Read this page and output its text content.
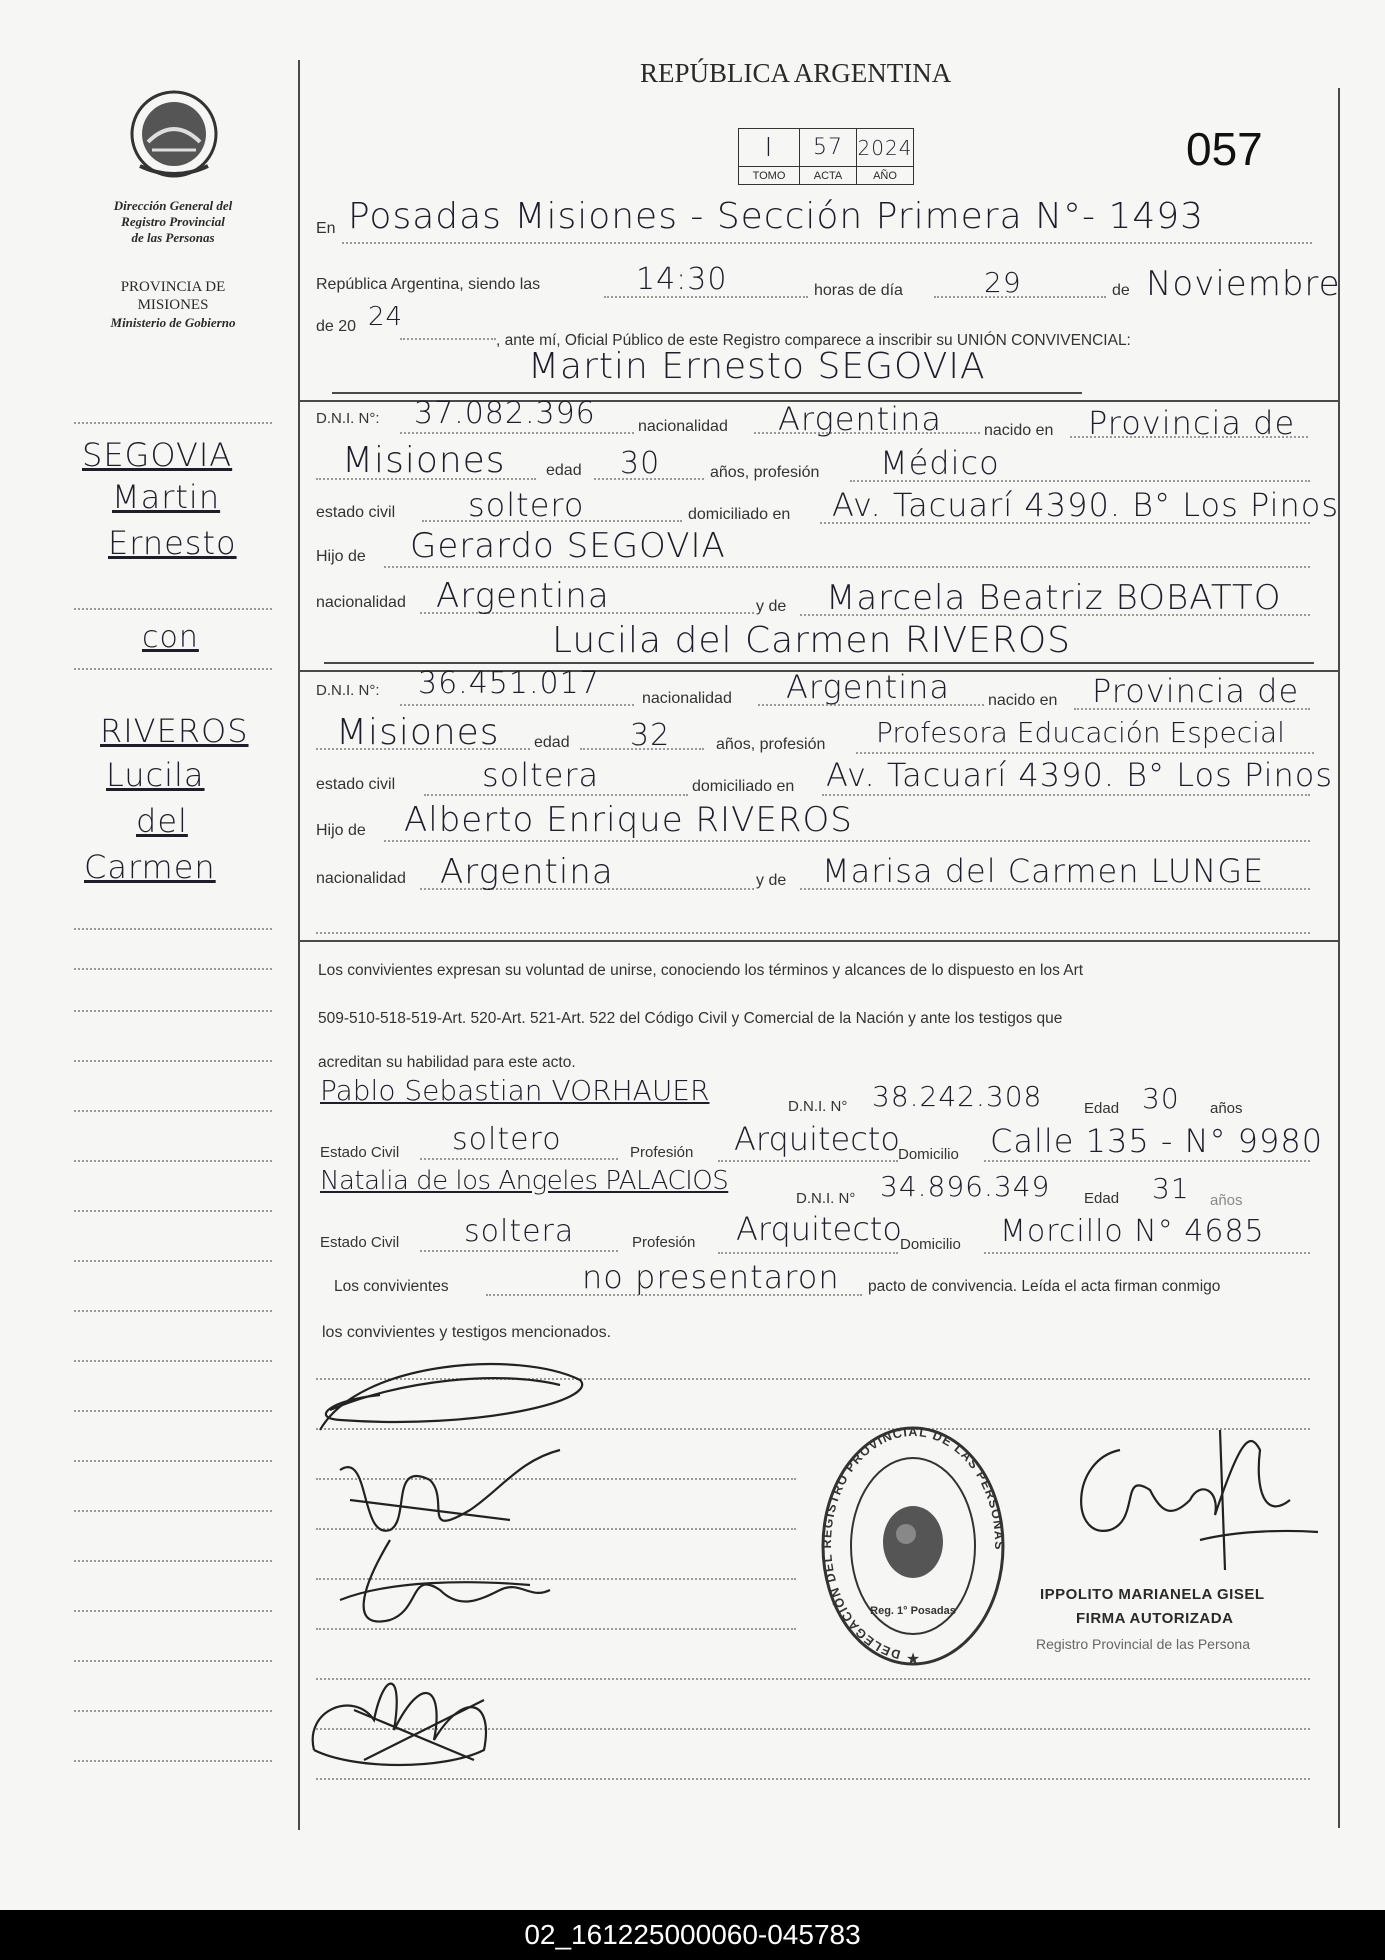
Dirección General del
Registro Provincial
de las Personas
PROVINCIA DE
MISIONES
Ministerio de Gobierno
REPÚBLICA ARGENTINA
I	57	2024
TOMO	ACTA	AÑO
057
SEGOVIA
Martin
Ernesto
con
RIVEROS
Lucila
del
Carmen
En Posadas Misiones - Sección Primera N°- 1493
República Argentina, siendo las	14:30	horas de día	29	de Noviembre
de 20 24
, ante mí, Oficial Público de este Registro comparece a inscribir su UNIÓN CONVIVENCIAL:
Martin Ernesto SEGOVIA
D.N.I. N°: 37.082.396	nacionalidad Argentina	nacido en Provincia de
Misiones	edad 30	años, profesión Médico
estado civil soltero	domiciliado en Av. Tacuarí 4390. B° Los Pinos
Hijo de Gerardo SEGOVIA
nacionalidad Argentina	y de Marcela Beatriz BOBATTO
Lucila del Carmen RIVEROS
D.N.I. N°: 36.451.017	nacionalidad Argentina nacido en Provincia de
Misiones edad 32	años, profesión Profesora Educación Especial
estado civil	soltera	domiciliado en Av. Tacuarí 4390. B° Los Pinos
Hijo de Alberto Enrique RIVEROS
nacionalidad Argentina	y de Marisa del Carmen LUNGE
Los convivientes expresan su voluntad de unirse, conociendo los términos y alcances de lo dispuesto en los Art
509-510-518-519-Art. 520-Art. 521-Art. 522 del Código Civil y Comercial de la Nación y ante los testigos que
acreditan su habilidad para este acto.
Pablo Sebastian VORHAUER	D.N.I. N° 38.242.308	Edad 30 años
Estado Civil soltero	Profesión Arquitecto
Domicilio Calle 135 - N° 9980
Natalia de los Angeles PALACIOS
D.N.I. N° 34.896.349 Edad 31 años
Estado Civil soltera	Profesión Arquitecto
Domicilio Morcillo N° 4685
Los convivientes	no presentaron pacto de convivencia. Leída el acta firman conmigo
los convivientes y testigos mencionados.
DELEGACIÓN DEL REGISTRO PROVINCIAL DE LAS PERSONAS
Reg. 1° Posadas
★
IPPOLITO MARIANELA GISEL
FIRMA AUTORIZADA
Registro Provincial de las Persona
02_161225000060-045783
